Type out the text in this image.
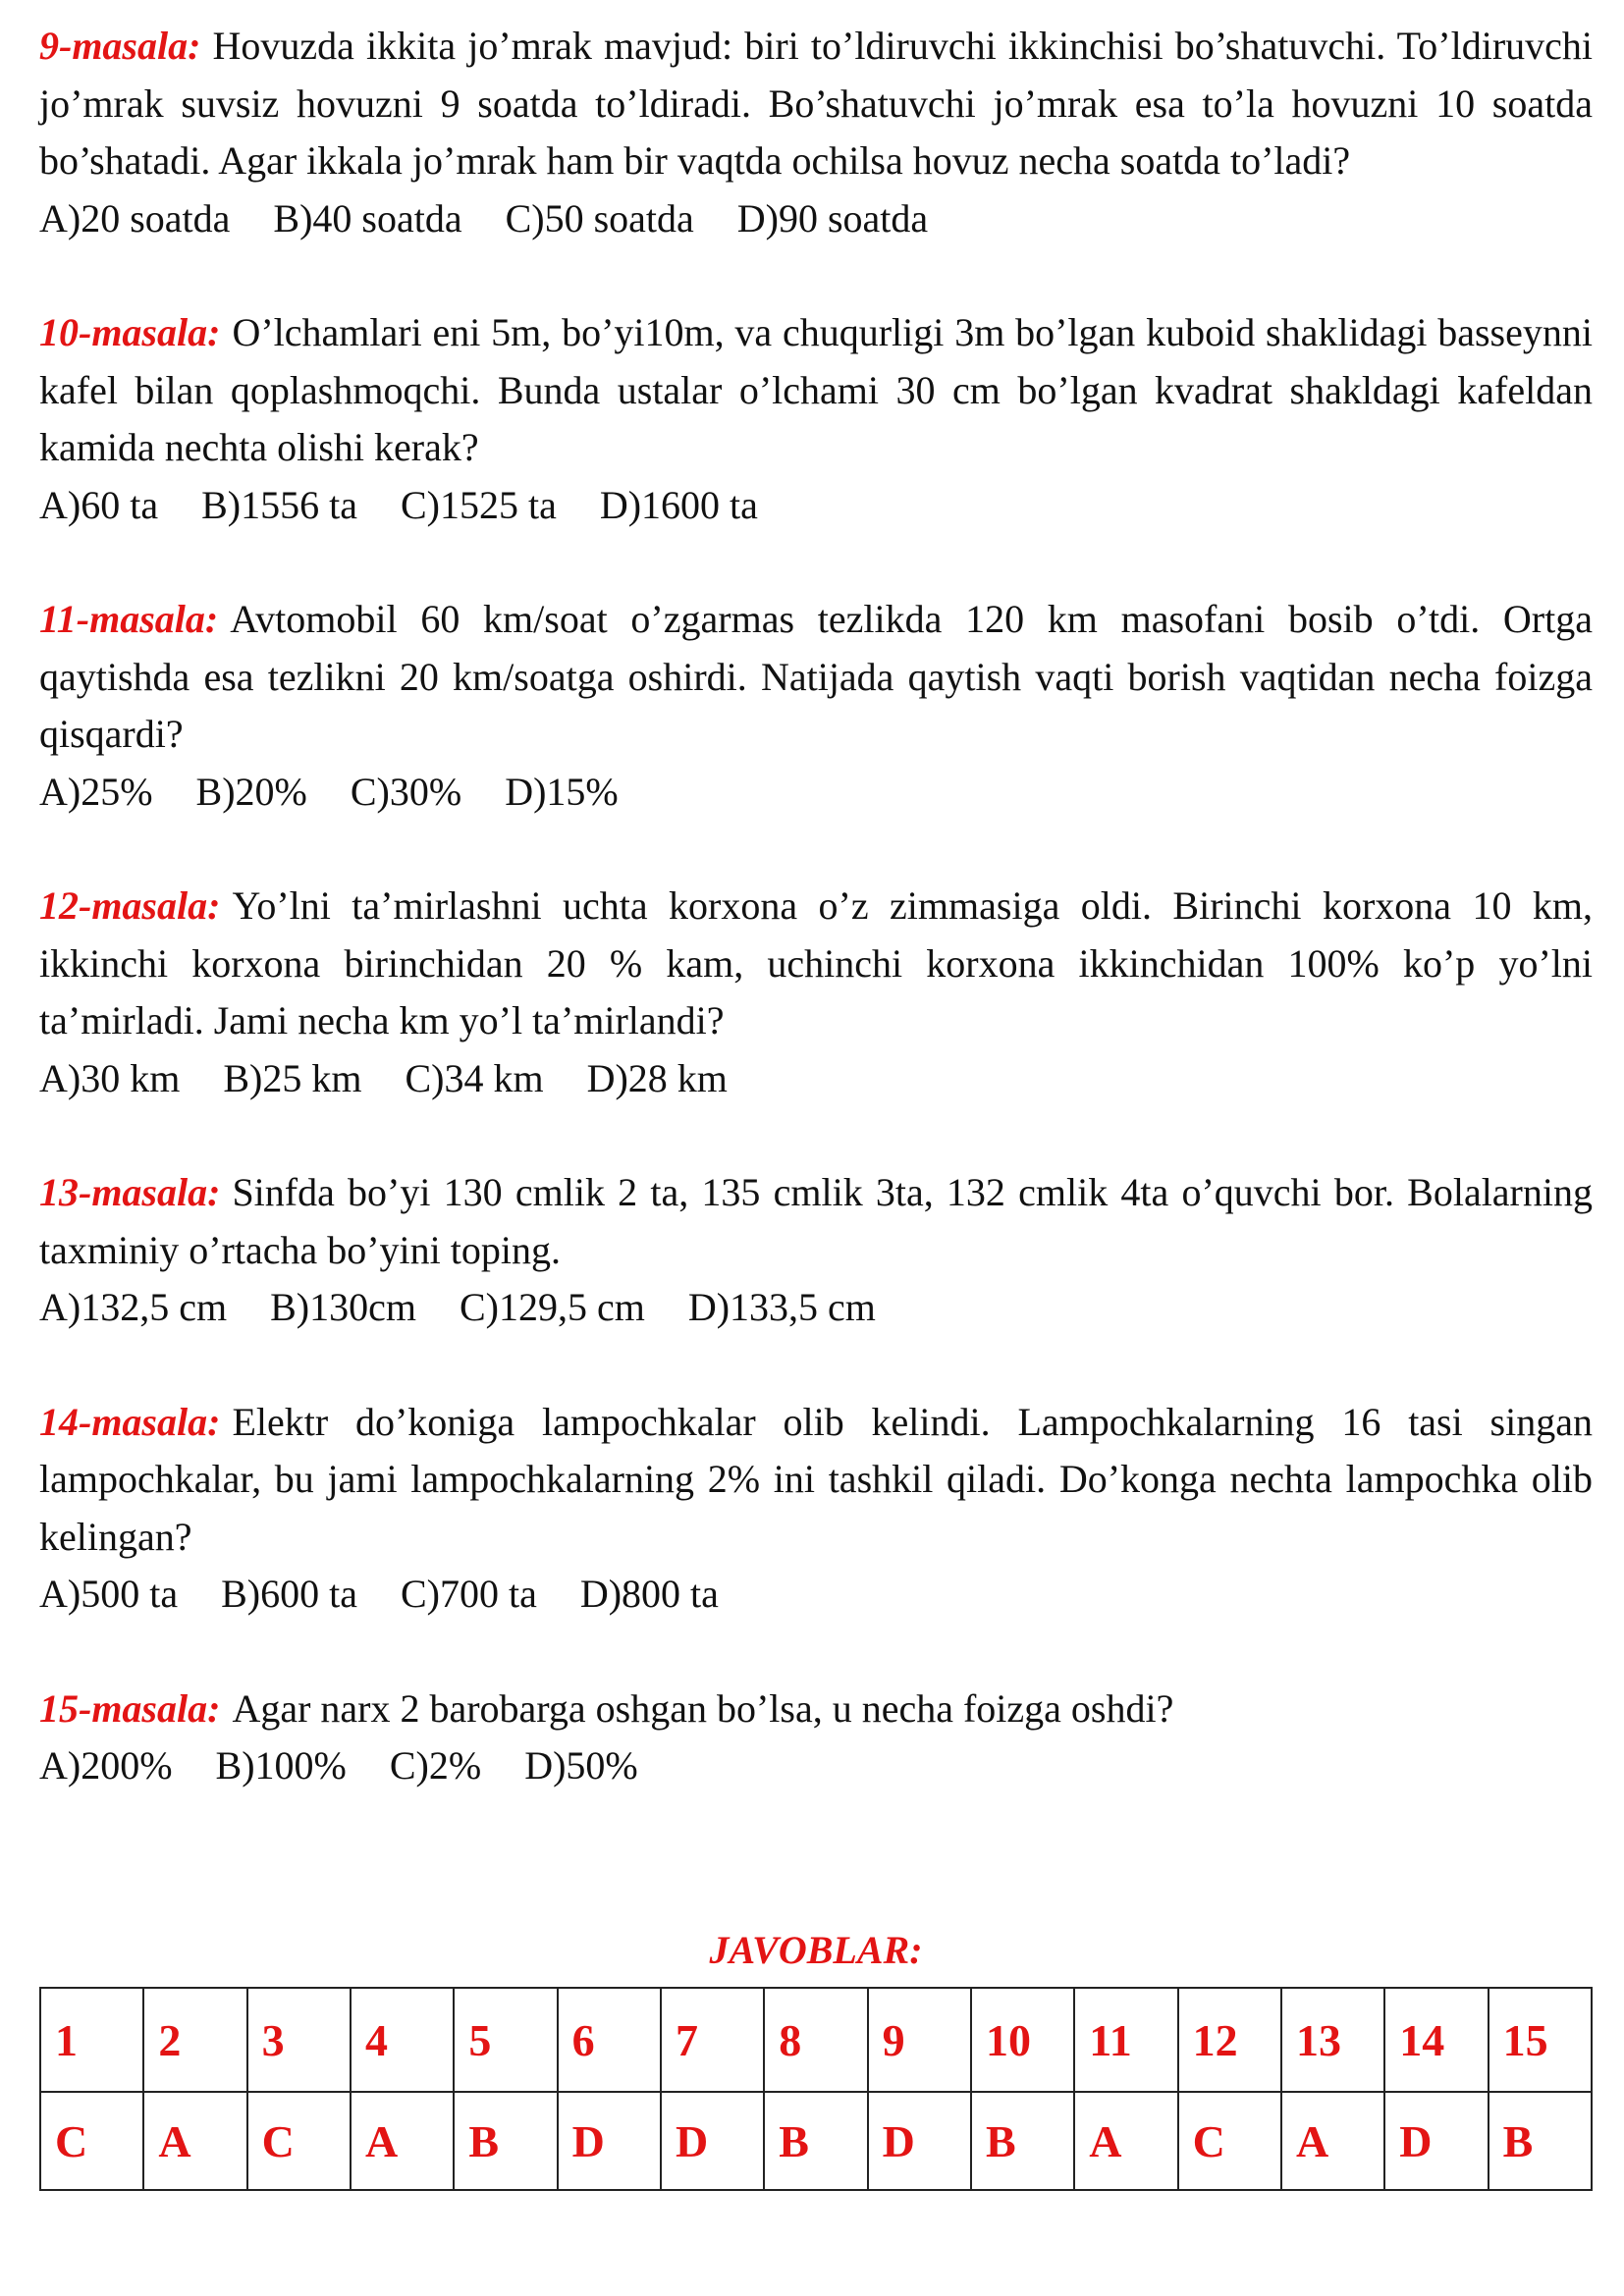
9-masala: Hovuzda ikkita jo’mrak mavjud: biri to’ldiruvchi ikkinchisi bo’shatuvchi. To’ldiruvchi jo’mrak suvsiz hovuzni 9 soatda to’ldiradi. Bo’shatuvchi jo’mrak esa to’la hovuzni 10 soatda bo’shatadi. Agar ikkala jo’mrak ham bir vaqtda ochilsa hovuz necha soatda to’ladi?

A)20 soatda B)40 soatda C)50 soatda D)90 soatda

10-masala: O’lchamlari eni 5m, bo’yi10m, va chuqurligi 3m bo’lgan kuboid shaklidagi basseynni kafel bilan qoplashmoqchi. Bunda ustalar o’lchami 30 cm bo’lgan kvadrat shakldagi kafeldan kamida nechta olishi kerak?

A)60 ta B)1556 ta C)1525 ta D)1600 ta

11-masala: Avtomobil 60 km/soat o’zgarmas tezlikda 120 km masofani bosib o’tdi. Ortga qaytishda esa tezlikni 20 km/soatga oshirdi. Natijada qaytish vaqti borish vaqtidan necha foizga qisqardi?

A)25% B)20% C)30% D)15%

12-masala: Yo’lni ta’mirlashni uchta korxona o’z zimmasiga oldi. Birinchi korxona 10 km, ikkinchi korxona birinchidan 20 % kam, uchinchi korxona ikkinchidan 100% ko’p yo’lni ta’mirladi. Jami necha km yo’l ta’mirlandi?

A)30 km B)25 km C)34 km D)28 km

13-masala: Sinfda bo’yi 130 cmlik 2 ta, 135 cmlik 3ta, 132 cmlik 4ta o’quvchi bor. Bolalarning taxminiy o’rtacha bo’yini toping.

A)132,5 cm B)130cm C)129,5 cm D)133,5 cm

14-masala: Elektr do’koniga lampochkalar olib kelindi. Lampochkalarning 16 tasi singan lampochkalar, bu jami lampochkalarning 2% ini tashkil qiladi. Do’konga nechta lampochka olib kelingan?

A)500 ta B)600 ta C)700 ta D)800 ta

15-masala: Agar narx 2 barobarga oshgan bo’lsa, u necha foizga oshdi?

A)200% B)100% C)2% D)50%

JAVOBLAR:

1	2	3	4	5	6	7	8	9	10	11	12	13	14	15
C	A	C	A	B	D	D	B	D	B	A	C	A	D	B
